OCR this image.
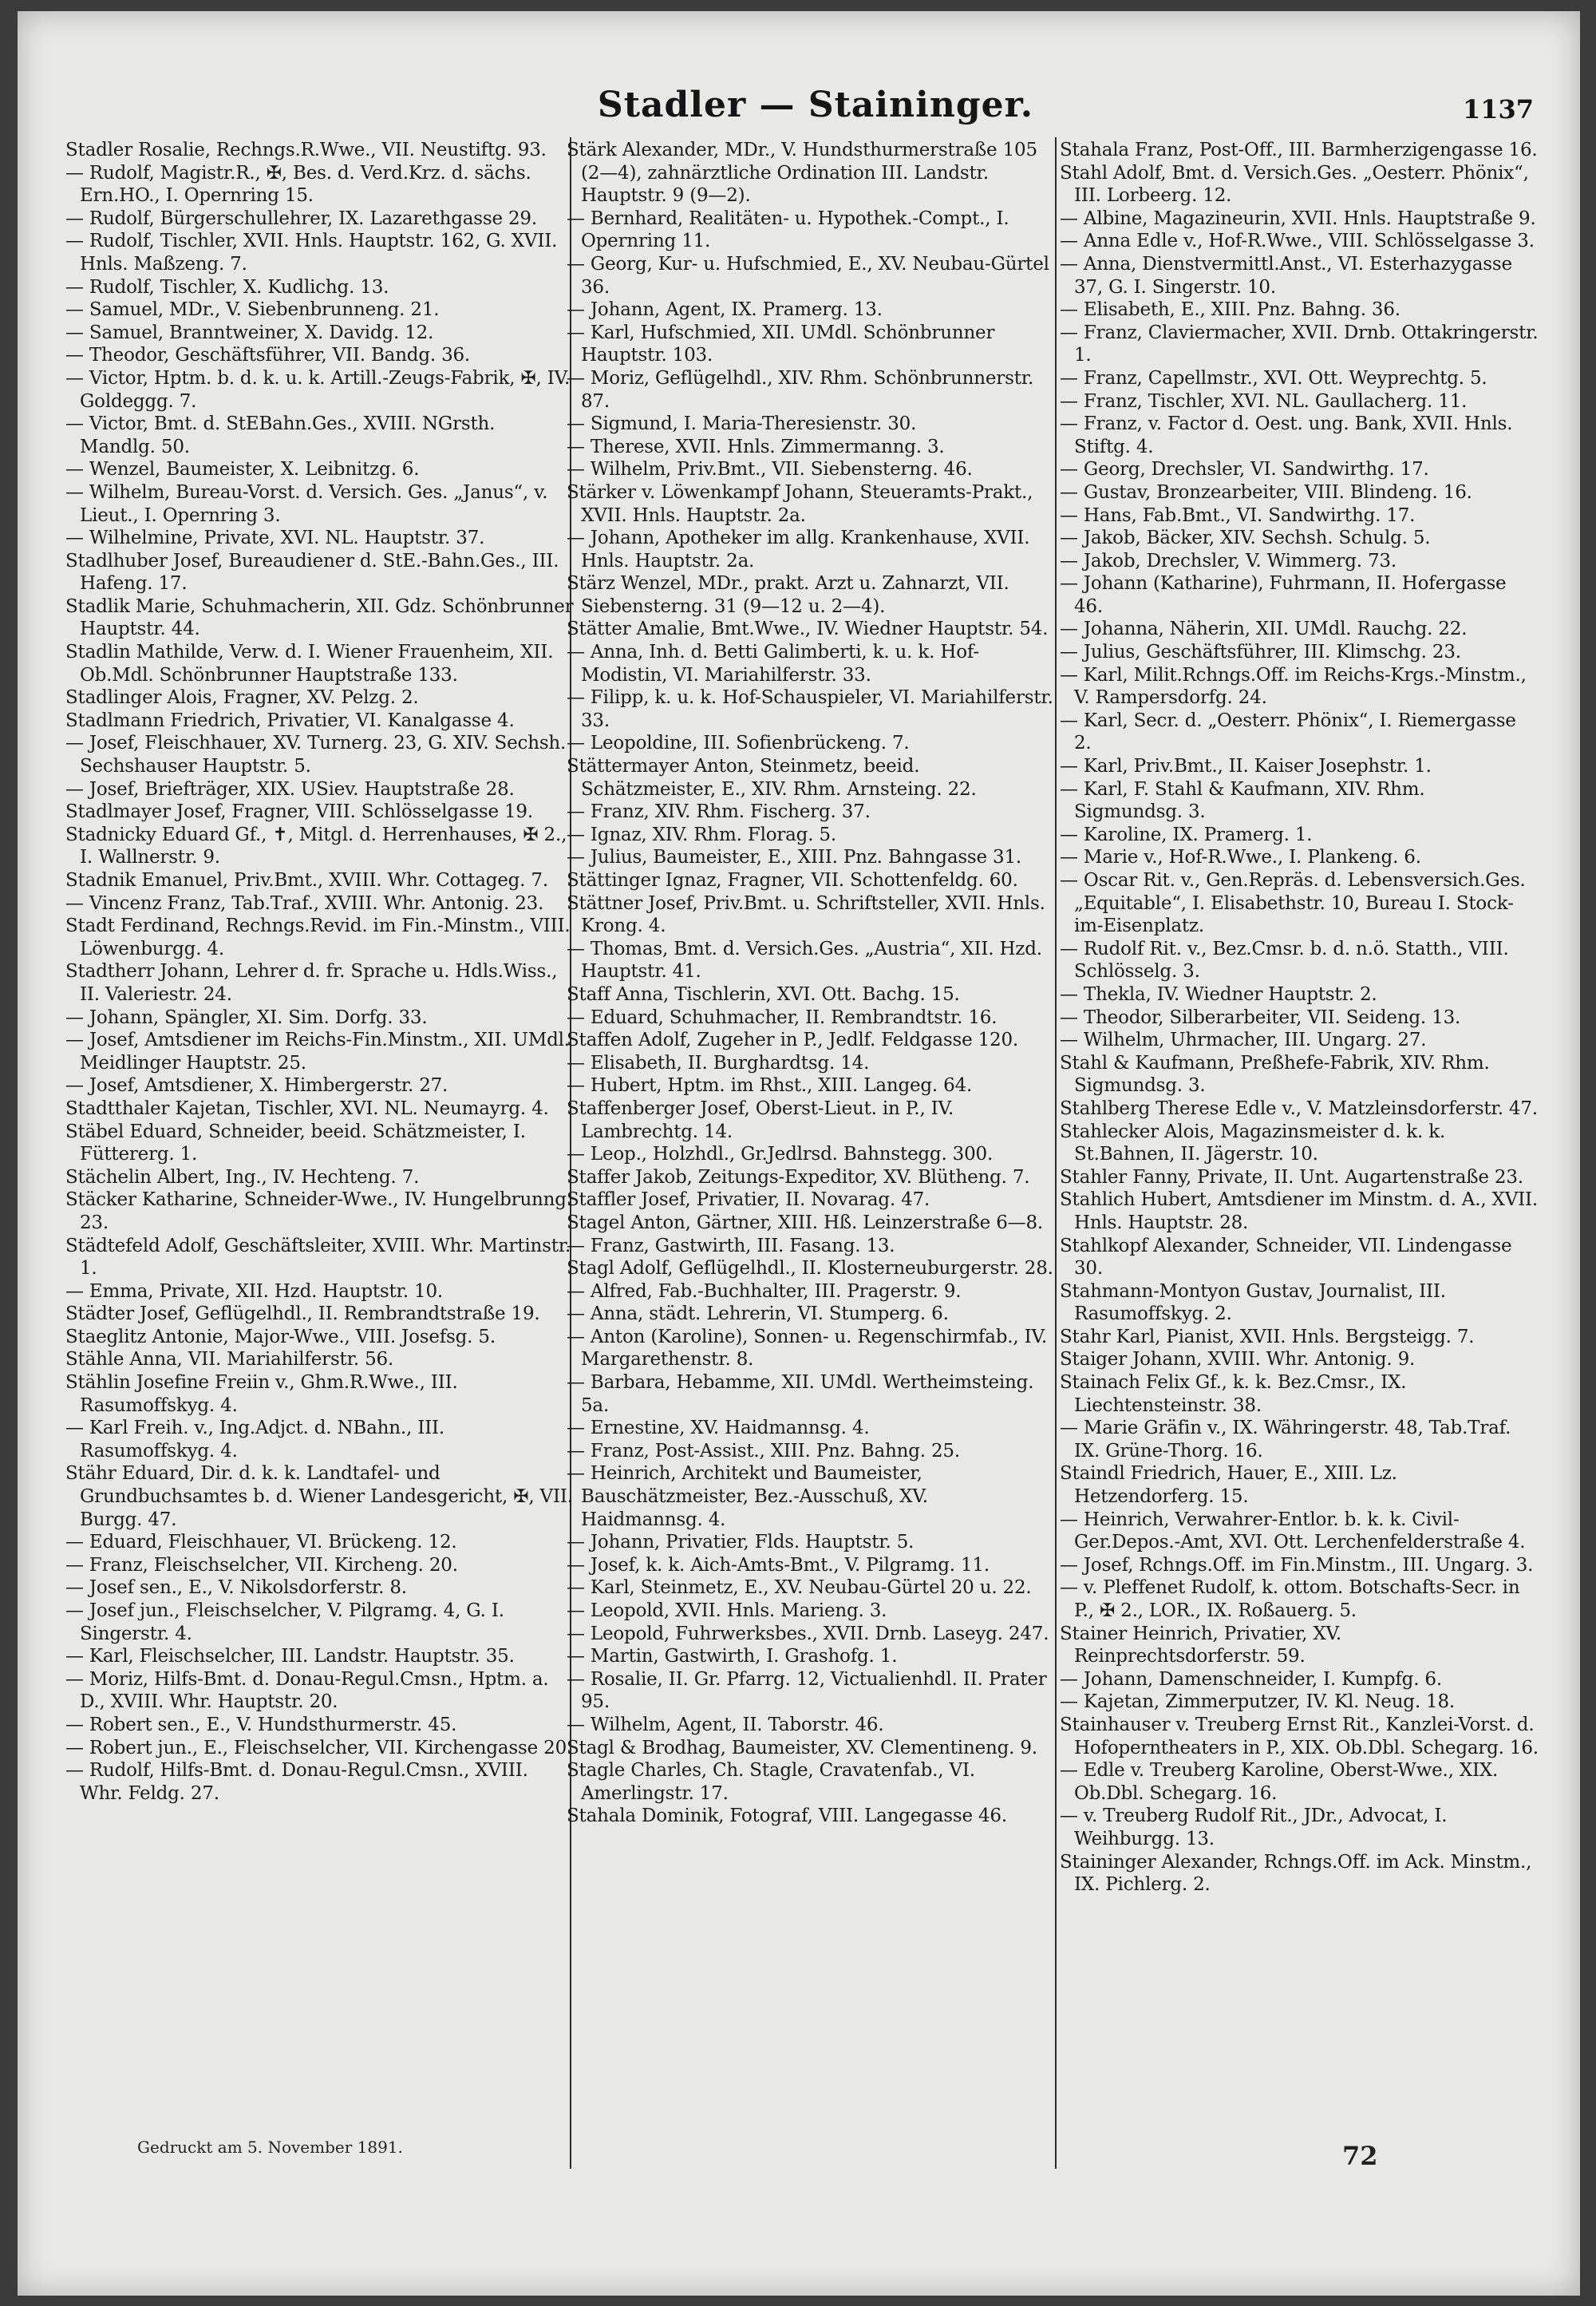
Stadler — Staininger.	1137
Stadler Rosalie, Rechngs.R.Wwe., VII. Neustiftg. 93.
— Rudolf, Magistr.R., ✠, Bes. d. Verd.Krz. d. sächs. Ern.HO., I. Opernring 15.
— Rudolf, Bürgerschullehrer, IX. Lazarethgasse 29.
— Rudolf, Tischler, XVII. Hnls. Hauptstr. 162, G. XVII. Hnls. Maßzeng. 7.
— Rudolf, Tischler, X. Kudlichg. 13.
— Samuel, MDr., V. Siebenbrunneng. 21.
— Samuel, Branntweiner, X. Davidg. 12.
— Theodor, Geschäftsführer, VII. Bandg. 36.
— Victor, Hptm. b. d. k. u. k. Artill.-Zeugs-Fabrik, ✠, IV. Goldeggg. 7.
— Victor, Bmt. d. StEBahn.Ges., XVIII. NGrsth. Mandlg. 50.
— Wenzel, Baumeister, X. Leibnitzg. 6.
— Wilhelm, Bureau-Vorst. d. Versich. Ges. „Janus“, v. Lieut., I. Opernring 3.
— Wilhelmine, Private, XVI. NL. Hauptstr. 37.
Stadlhuber Josef, Bureaudiener d. StE.-Bahn.Ges., III. Hafeng. 17.
Stadlik Marie, Schuhmacherin, XII. Gdz. Schönbrunner Hauptstr. 44.
Stadlin Mathilde, Verw. d. I. Wiener Frauenheim, XII. Ob.Mdl. Schönbrunner Hauptstraße 133.
Stadlinger Alois, Fragner, XV. Pelzg. 2.
Stadlmann Friedrich, Privatier, VI. Kanalgasse 4.
— Josef, Fleischhauer, XV. Turnerg. 23, G. XIV. Sechsh. Sechshauser Hauptstr. 5.
— Josef, Briefträger, XIX. USiev. Hauptstraße 28.
Stadlmayer Josef, Fragner, VIII. Schlösselgasse 19.
Stadnicky Eduard Gf., ✝, Mitgl. d. Herrenhauses, ✠ 2., I. Wallnerstr. 9.
Stadnik Emanuel, Priv.Bmt., XVIII. Whr. Cottageg. 7.
— Vincenz Franz, Tab.Traf., XVIII. Whr. Antonig. 23.
Stadt Ferdinand, Rechngs.Revid. im Fin.-Minstm., VIII. Löwenburgg. 4.
Stadtherr Johann, Lehrer d. fr. Sprache u. Hdls.Wiss., II. Valeriestr. 24.
— Johann, Spängler, XI. Sim. Dorfg. 33.
— Josef, Amtsdiener im Reichs-Fin.Minstm., XII. UMdl. Meidlinger Hauptstr. 25.
— Josef, Amtsdiener, X. Himbergerstr. 27.
Stadtthaler Kajetan, Tischler, XVI. NL. Neumayrg. 4.
Stäbel Eduard, Schneider, beeid. Schätzmeister, I. Füttererg. 1.
Stächelin Albert, Ing., IV. Hechteng. 7.
Stäcker Katharine, Schneider-Wwe., IV. Hungelbrunng. 23.
Städtefeld Adolf, Geschäftsleiter, XVIII. Whr. Martinstr. 1.
— Emma, Private, XII. Hzd. Hauptstr. 10.
Städter Josef, Geflügelhdl., II. Rembrandtstraße 19.
Staeglitz Antonie, Major-Wwe., VIII. Josefsg. 5.
Stähle Anna, VII. Mariahilferstr. 56.
Stählin Josefine Freiin v., Ghm.R.Wwe., III. Rasumoffskyg. 4.
— Karl Freih. v., Ing.Adjct. d. NBahn., III. Rasumoffskyg. 4.
Stähr Eduard, Dir. d. k. k. Landtafel- und Grundbuchsamtes b. d. Wiener Landesgericht, ✠, VII. Burgg. 47.
— Eduard, Fleischhauer, VI. Brückeng. 12.
— Franz, Fleischselcher, VII. Kircheng. 20.
— Josef sen., E., V. Nikolsdorferstr. 8.
— Josef jun., Fleischselcher, V. Pilgramg. 4, G. I. Singerstr. 4.
— Karl, Fleischselcher, III. Landstr. Hauptstr. 35.
— Moriz, Hilfs-Bmt. d. Donau-Regul.Cmsn., Hptm. a. D., XVIII. Whr. Hauptstr. 20.
— Robert sen., E., V. Hundsthurmerstr. 45.
— Robert jun., E., Fleischselcher, VII. Kirchengasse 20.
— Rudolf, Hilfs-Bmt. d. Donau-Regul.Cmsn., XVIII. Whr. Feldg. 27.
Stärk Alexander, MDr., V. Hundsthurmerstraße 105 (2—4), zahnärztliche Ordination III. Landstr. Hauptstr. 9 (9—2).
— Bernhard, Realitäten- u. Hypothek.-Compt., I. Opernring 11.
— Georg, Kur- u. Hufschmied, E., XV. Neubau-Gürtel 36.
— Johann, Agent, IX. Pramerg. 13.
— Karl, Hufschmied, XII. UMdl. Schönbrunner Hauptstr. 103.
— Moriz, Geflügelhdl., XIV. Rhm. Schönbrunnerstr. 87.
— Sigmund, I. Maria-Theresienstr. 30.
— Therese, XVII. Hnls. Zimmermanng. 3.
— Wilhelm, Priv.Bmt., VII. Siebensterng. 46.
Stärker v. Löwenkampf Johann, Steueramts-Prakt., XVII. Hnls. Hauptstr. 2a.
— Johann, Apotheker im allg. Krankenhause, XVII. Hnls. Hauptstr. 2a.
Stärz Wenzel, MDr., prakt. Arzt u. Zahnarzt, VII. Siebensterng. 31 (9—12 u. 2—4).
Stätter Amalie, Bmt.Wwe., IV. Wiedner Hauptstr. 54.
— Anna, Inh. d. Betti Galimberti, k. u. k. Hof-Modistin, VI. Mariahilferstr. 33.
— Filipp, k. u. k. Hof-Schauspieler, VI. Mariahilferstr. 33.
— Leopoldine, III. Sofienbrückeng. 7.
Stättermayer Anton, Steinmetz, beeid. Schätzmeister, E., XIV. Rhm. Arnsteing. 22.
— Franz, XIV. Rhm. Fischerg. 37.
— Ignaz, XIV. Rhm. Florag. 5.
— Julius, Baumeister, E., XIII. Pnz. Bahngasse 31.
Stättinger Ignaz, Fragner, VII. Schottenfeldg. 60.
Stättner Josef, Priv.Bmt. u. Schriftsteller, XVII. Hnls. Krong. 4.
— Thomas, Bmt. d. Versich.Ges. „Austria“, XII. Hzd. Hauptstr. 41.
Staff Anna, Tischlerin, XVI. Ott. Bachg. 15.
— Eduard, Schuhmacher, II. Rembrandtstr. 16.
Staffen Adolf, Zugeher in P., Jedlf. Feldgasse 120.
— Elisabeth, II. Burghardtsg. 14.
— Hubert, Hptm. im Rhst., XIII. Langeg. 64.
Staffenberger Josef, Oberst-Lieut. in P., IV. Lambrechtg. 14.
— Leop., Holzhdl., Gr.Jedlrsd. Bahnstegg. 300.
Staffer Jakob, Zeitungs-Expeditor, XV. Blütheng. 7.
Staffler Josef, Privatier, II. Novarag. 47.
Stagel Anton, Gärtner, XIII. Hß. Leinzerstraße 6—8.
— Franz, Gastwirth, III. Fasang. 13.
Stagl Adolf, Geflügelhdl., II. Klosterneuburgerstr. 28.
— Alfred, Fab.-Buchhalter, III. Pragerstr. 9.
— Anna, städt. Lehrerin, VI. Stumperg. 6.
— Anton (Karoline), Sonnen- u. Regenschirmfab., IV. Margarethenstr. 8.
— Barbara, Hebamme, XII. UMdl. Wertheimsteing. 5a.
— Ernestine, XV. Haidmannsg. 4.
— Franz, Post-Assist., XIII. Pnz. Bahng. 25.
— Heinrich, Architekt und Baumeister, Bauschätzmeister, Bez.-Ausschuß, XV. Haidmannsg. 4.
— Johann, Privatier, Flds. Hauptstr. 5.
— Josef, k. k. Aich-Amts-Bmt., V. Pilgramg. 11.
— Karl, Steinmetz, E., XV. Neubau-Gürtel 20 u. 22.
— Leopold, XVII. Hnls. Marieng. 3.
— Leopold, Fuhrwerksbes., XVII. Drnb. Laseyg. 247.
— Martin, Gastwirth, I. Grashofg. 1.
— Rosalie, II. Gr. Pfarrg. 12, Victualienhdl. II. Prater 95.
— Wilhelm, Agent, II. Taborstr. 46.
Stagl & Brodhag, Baumeister, XV. Clementineng. 9.
Stagle Charles, Ch. Stagle, Cravatenfab., VI. Amerlingstr. 17.
Stahala Dominik, Fotograf, VIII. Langegasse 46.
Stahala Franz, Post-Off., III. Barmherzigengasse 16.
Stahl Adolf, Bmt. d. Versich.Ges. „Oesterr. Phönix“, III. Lorbeerg. 12.
— Albine, Magazineurin, XVII. Hnls. Hauptstraße 9.
— Anna Edle v., Hof-R.Wwe., VIII. Schlösselgasse 3.
— Anna, Dienstvermittl.Anst., VI. Esterhazygasse 37, G. I. Singerstr. 10.
— Elisabeth, E., XIII. Pnz. Bahng. 36.
— Franz, Claviermacher, XVII. Drnb. Ottakringerstr. 1.
— Franz, Capellmstr., XVI. Ott. Weyprechtg. 5.
— Franz, Tischler, XVI. NL. Gaullacherg. 11.
— Franz, v. Factor d. Oest. ung. Bank, XVII. Hnls. Stiftg. 4.
— Georg, Drechsler, VI. Sandwirthg. 17.
— Gustav, Bronzearbeiter, VIII. Blindeng. 16.
— Hans, Fab.Bmt., VI. Sandwirthg. 17.
— Jakob, Bäcker, XIV. Sechsh. Schulg. 5.
— Jakob, Drechsler, V. Wimmerg. 73.
— Johann (Katharine), Fuhrmann, II. Hofergasse 46.
— Johanna, Näherin, XII. UMdl. Rauchg. 22.
— Julius, Geschäftsführer, III. Klimschg. 23.
— Karl, Milit.Rchngs.Off. im Reichs-Krgs.-Minstm., V. Rampersdorfg. 24.
— Karl, Secr. d. „Oesterr. Phönix“, I. Riemergasse 2.
— Karl, Priv.Bmt., II. Kaiser Josephstr. 1.
— Karl, F. Stahl & Kaufmann, XIV. Rhm. Sigmundsg. 3.
— Karoline, IX. Pramerg. 1.
— Marie v., Hof-R.Wwe., I. Plankeng. 6.
— Oscar Rit. v., Gen.Repräs. d. Lebensversich.Ges. „Equitable“, I. Elisabethstr. 10, Bureau I. Stock-im-Eisenplatz.
— Rudolf Rit. v., Bez.Cmsr. b. d. n.ö. Statth., VIII. Schlösselg. 3.
— Thekla, IV. Wiedner Hauptstr. 2.
— Theodor, Silberarbeiter, VII. Seideng. 13.
— Wilhelm, Uhrmacher, III. Ungarg. 27.
Stahl & Kaufmann, Preßhefe-Fabrik, XIV. Rhm. Sigmundsg. 3.
Stahlberg Therese Edle v., V. Matzleinsdorferstr. 47.
Stahlecker Alois, Magazinsmeister d. k. k. St.Bahnen, II. Jägerstr. 10.
Stahler Fanny, Private, II. Unt. Augartenstraße 23.
Stahlich Hubert, Amtsdiener im Minstm. d. A., XVII. Hnls. Hauptstr. 28.
Stahlkopf Alexander, Schneider, VII. Lindengasse 30.
Stahmann-Montyon Gustav, Journalist, III. Rasumoffskyg. 2.
Stahr Karl, Pianist, XVII. Hnls. Bergsteigg. 7.
Staiger Johann, XVIII. Whr. Antonig. 9.
Stainach Felix Gf., k. k. Bez.Cmsr., IX. Liechtensteinstr. 38.
— Marie Gräfin v., IX. Währingerstr. 48, Tab.Traf. IX. Grüne-Thorg. 16.
Staindl Friedrich, Hauer, E., XIII. Lz. Hetzendorferg. 15.
— Heinrich, Verwahrer-Entlor. b. k. k. Civil-Ger.Depos.-Amt, XVI. Ott. Lerchenfelderstraße 4.
— Josef, Rchngs.Off. im Fin.Minstm., III. Ungarg. 3.
— v. Pleffenet Rudolf, k. ottom. Botschafts-Secr. in P., ✠ 2., LOR., IX. Roßauerg. 5.
Stainer Heinrich, Privatier, XV. Reinprechtsdorferstr. 59.
— Johann, Damenschneider, I. Kumpfg. 6.
— Kajetan, Zimmerputzer, IV. Kl. Neug. 18.
Stainhauser v. Treuberg Ernst Rit., Kanzlei-Vorst. d. Hofoperntheaters in P., XIX. Ob.Dbl. Schegarg. 16.
— Edle v. Treuberg Karoline, Oberst-Wwe., XIX. Ob.Dbl. Schegarg. 16.
— v. Treuberg Rudolf Rit., JDr., Advocat, I. Weihburgg. 13.
Staininger Alexander, Rchngs.Off. im Ack. Minstm., IX. Pichlerg. 2.
Gedruckt am 5. November 1891.	72
